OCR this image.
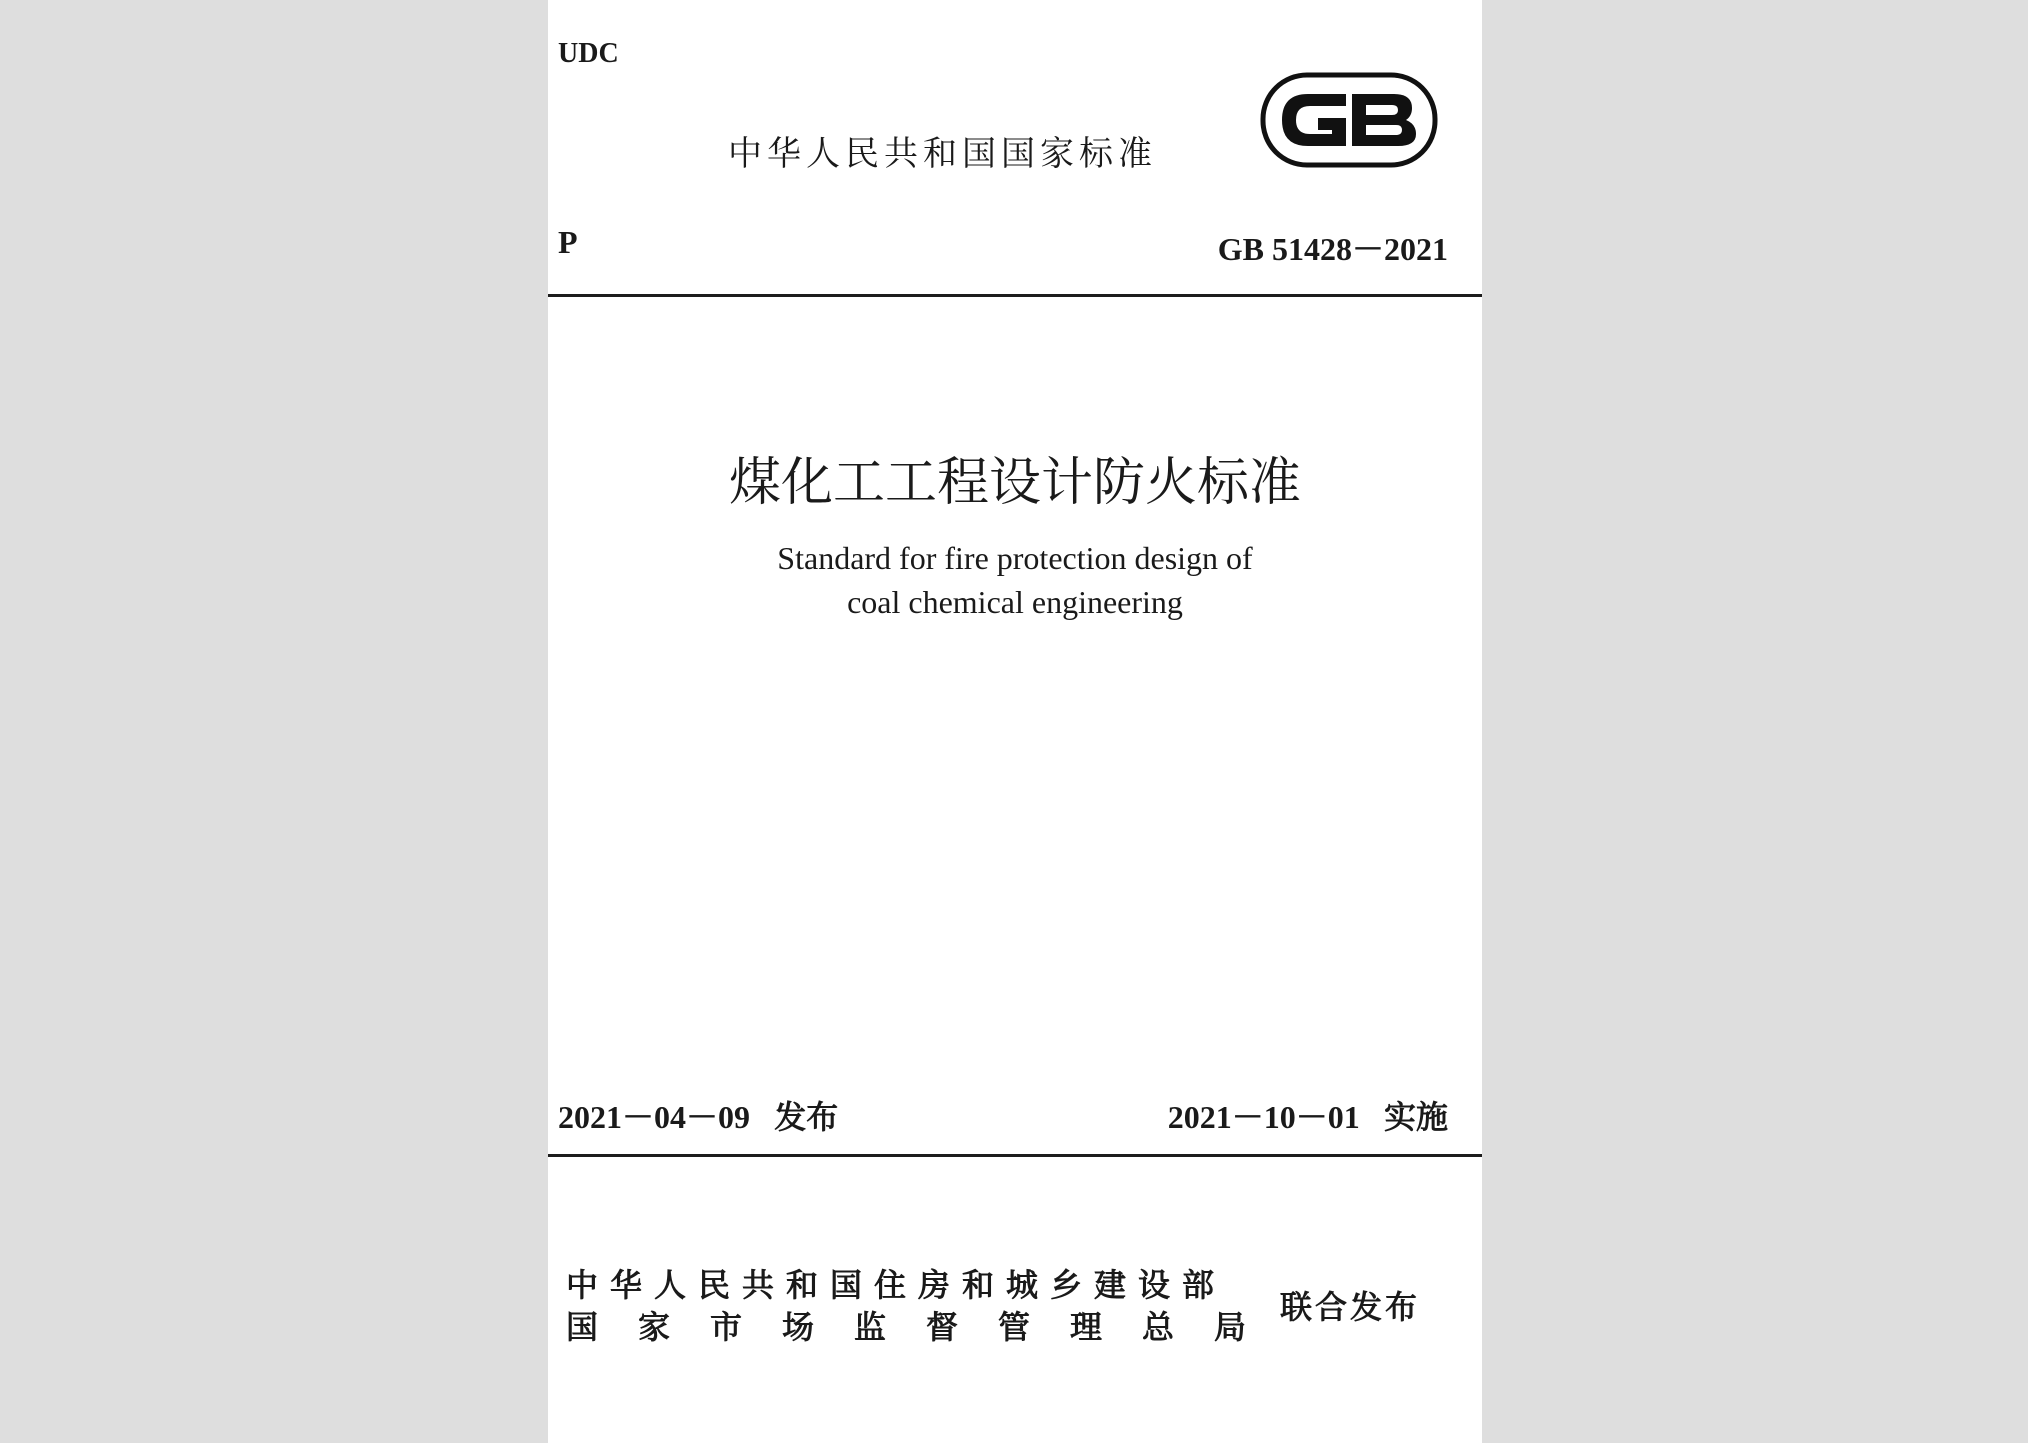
UDC
中华人民共和国国家标准
P	GB 51428－2021
煤化工工程设计防火标准
Standard for fire protection design of
coal chemical engineering
2021－04－09 发布	2021－10－01 实施
中华人民共和国住房和城乡建设部
国家市场监督管理总局
联合发布
